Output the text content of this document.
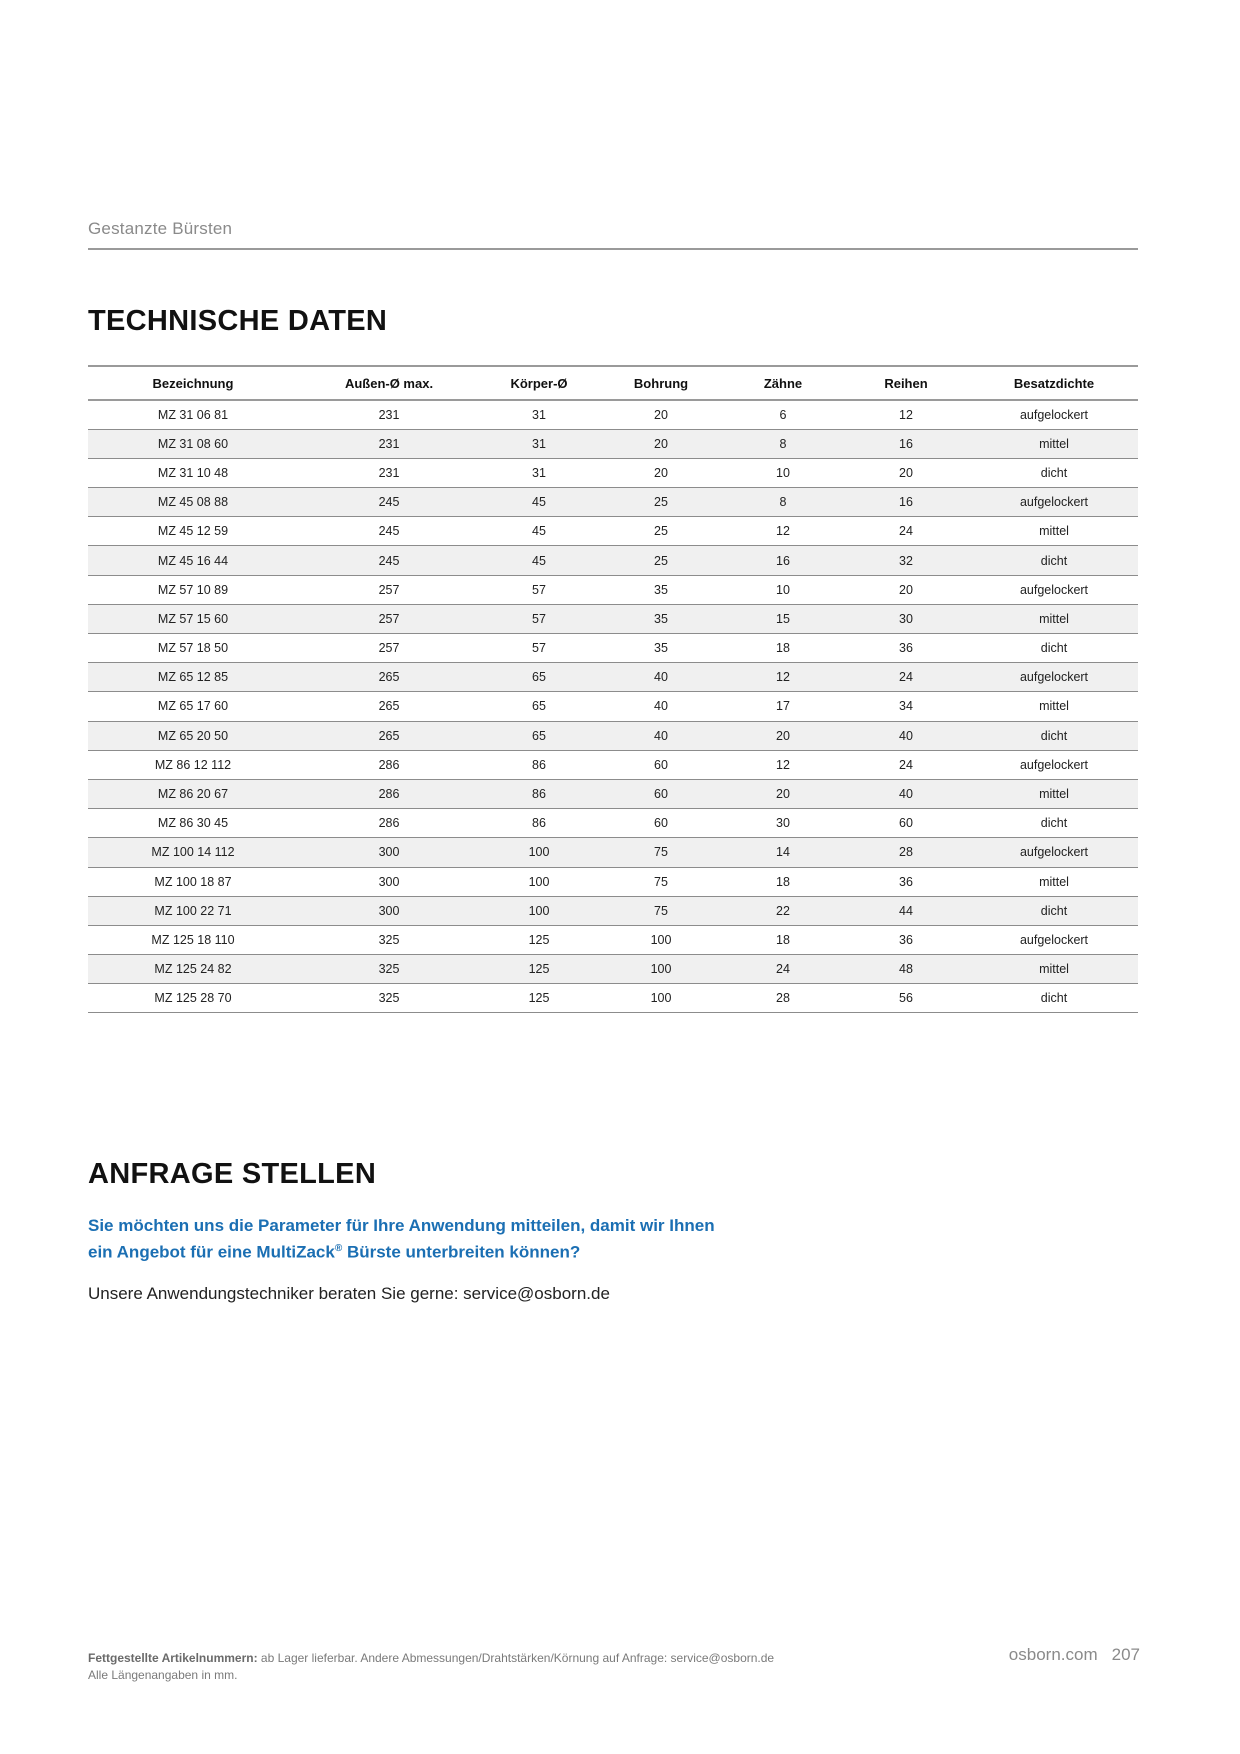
Gestanzte Bürsten
TECHNISCHE DATEN
Bezeichnung	Außen-Ø max.	Körper-Ø	Bohrung	Zähne	Reihen	Besatzdichte
MZ 31 06 81	231	31	20	6	12	aufgelockert
MZ 31 08 60	231	31	20	8	16	mittel
MZ 31 10 48	231	31	20	10	20	dicht
MZ 45 08 88	245	45	25	8	16	aufgelockert
MZ 45 12 59	245	45	25	12	24	mittel
MZ 45 16 44	245	45	25	16	32	dicht
MZ 57 10 89	257	57	35	10	20	aufgelockert
MZ 57 15 60	257	57	35	15	30	mittel
MZ 57 18 50	257	57	35	18	36	dicht
MZ 65 12 85	265	65	40	12	24	aufgelockert
MZ 65 17 60	265	65	40	17	34	mittel
MZ 65 20 50	265	65	40	20	40	dicht
MZ 86 12 112	286	86	60	12	24	aufgelockert
MZ 86 20 67	286	86	60	20	40	mittel
MZ 86 30 45	286	86	60	30	60	dicht
MZ 100 14 112	300	100	75	14	28	aufgelockert
MZ 100 18 87	300	100	75	18	36	mittel
MZ 100 22 71	300	100	75	22	44	dicht
MZ 125 18 110	325	125	100	18	36	aufgelockert
MZ 125 24 82	325	125	100	24	48	mittel
MZ 125 28 70	325	125	100	28	56	dicht
ANFRAGE STELLEN
Sie möchten uns die Parameter für Ihre Anwendung mitteilen, damit wir Ihnen
ein Angebot für eine MultiZack® Bürste unterbreiten können?
Unsere Anwendungstechniker beraten Sie gerne: service@osborn.de
Fettgestellte Artikelnummern: ab Lager lieferbar. Andere Abmessungen/Drahtstärken/Körnung auf Anfrage: service@osborn.de
Alle Längenangaben in mm.
osborn.com 207
